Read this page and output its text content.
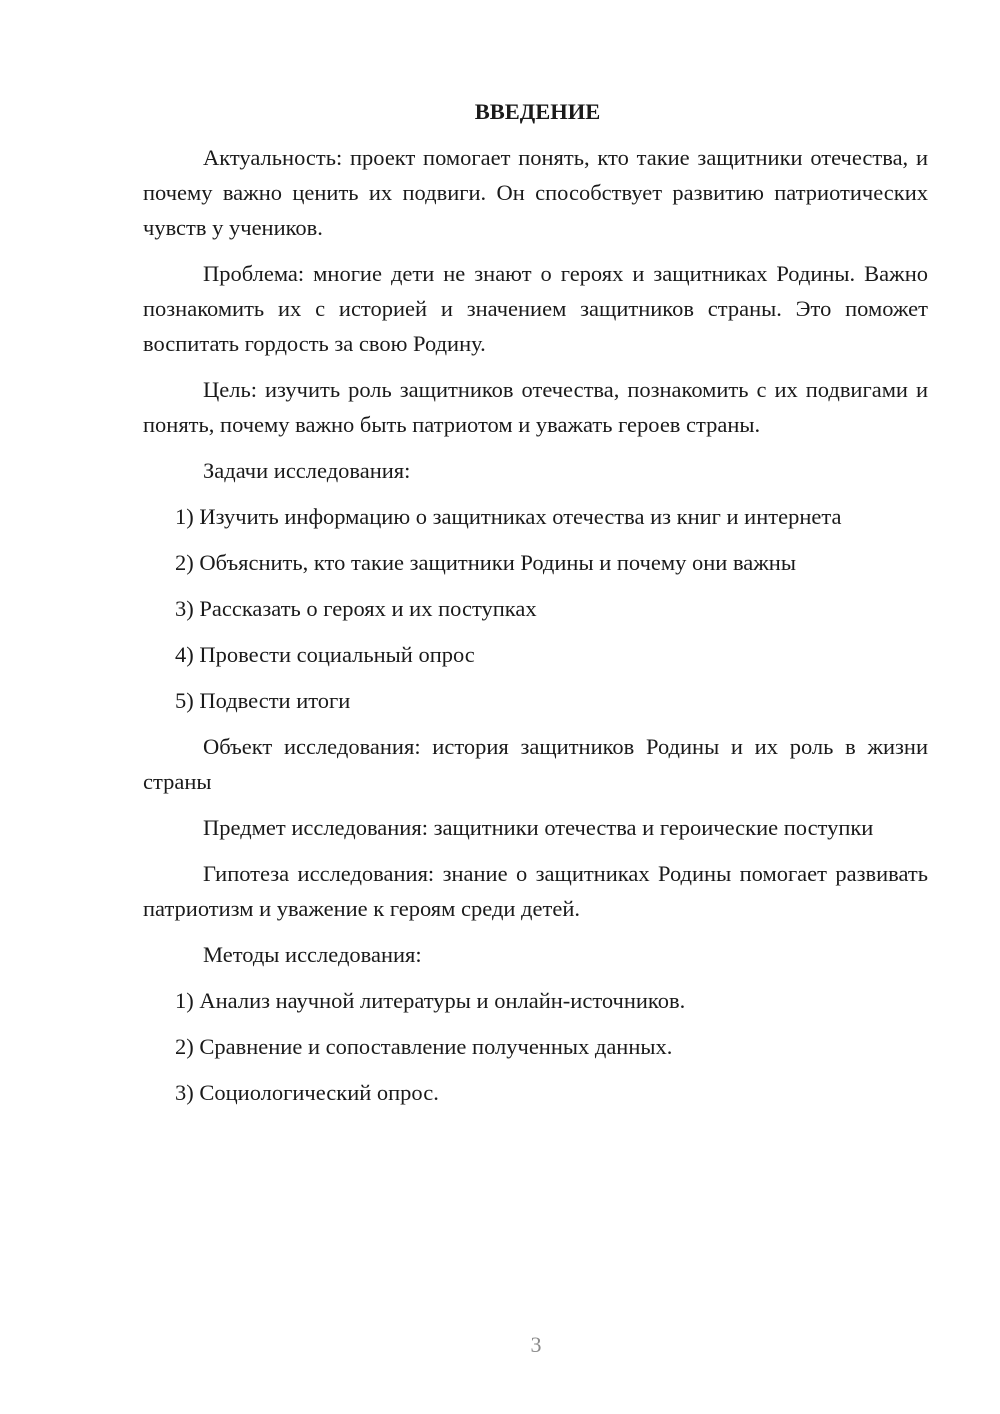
ВВЕДЕНИЕ

Актуальность: проект помогает понять, кто такие защитники отечества, и почему важно ценить их подвиги. Он способствует развитию патриотических чувств у учеников.

Проблема: многие дети не знают о героях и защитниках Родины. Важно познакомить их с историей и значением защитников страны. Это поможет воспитать гордость за свою Родину.

Цель: изучить роль защитников отечества, познакомить с их подвигами и понять, почему важно быть патриотом и уважать героев страны.

Задачи исследования:
1) Изучить информацию о защитниках отечества из книг и интернета
2) Объяснить, кто такие защитники Родины и почему они важны
3) Рассказать о героях и их поступках
4) Провести социальный опрос
5) Подвести итоги

Объект исследования: история защитников Родины и их роль в жизни страны

Предмет исследования: защитники отечества и героические поступки

Гипотеза исследования: знание о защитниках Родины помогает развивать патриотизм и уважение к героям среди детей.

Методы исследования:
1) Анализ научной литературы и онлайн-источников.
2) Сравнение и сопоставление полученных данных.
3) Социологический опрос.
3
